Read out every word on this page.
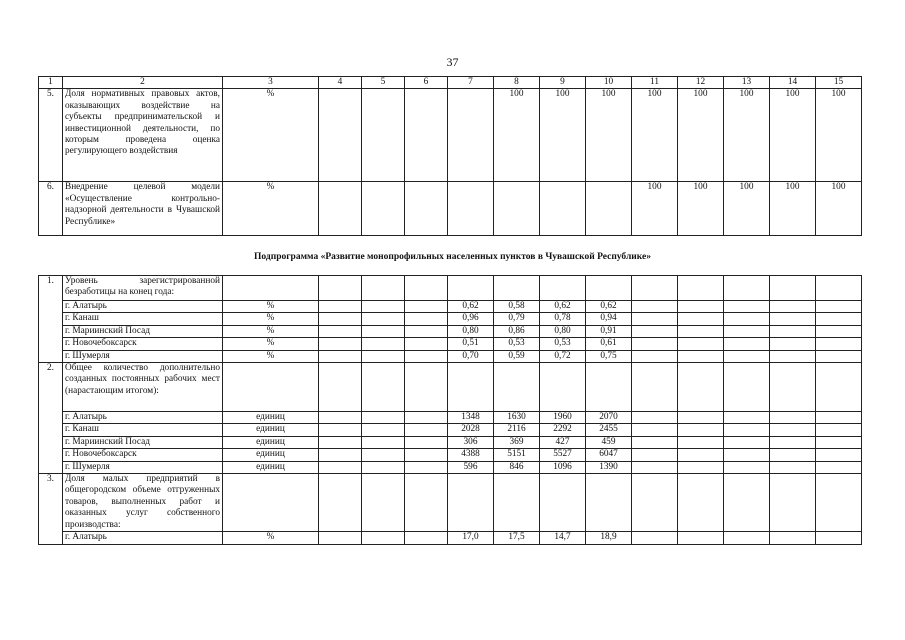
37
1	2	3	4	5	6	7	8	9	10	11	12	13	14	15
5.	Доля нормативных правовых актов, оказывающих воздействие на субъекты предпринимательской и инвестиционной деятельности, по которым проведена оценка регулирующего воздействия	%					100	100	100	100	100	100	100	100
6.	Внедрение целевой модели «Осуществление контрольно-надзорной деятельности в Чувашской Республике»	%								100	100	100	100	100
Подпрограмма «Развитие монопрофильных населенных пунктов в Чувашской Республике»
1.	Уровень зарегистрированной безработицы на конец года:													
	г. Алатырь	%				0,62	0,58	0,62	0,62					
	г. Канаш	%				0,96	0,79	0,78	0,94					
	г. Мариинский Посад	%				0,80	0,86	0,80	0,91					
	г. Новочебоксарск	%				0,51	0,53	0,53	0,61					
	г. Шумерля	%				0,70	0,59	0,72	0,75					
2.	Общее количество дополнительно созданных постоянных рабочих мест (нарастающим итогом):													
	г. Алатырь	единиц				1348	1630	1960	2070					
	г. Канаш	единиц				2028	2116	2292	2455					
	г. Мариинский Посад	единиц				306	369	427	459					
	г. Новочебоксарск	единиц				4388	5151	5527	6047					
	г. Шумерля	единиц				596	846	1096	1390					
3.	Доля малых предприятий в общегородском объеме отгруженных товаров, выполненных работ и оказанных услуг собственного производства:													
	г. Алатырь	%				17,0	17,5	14,7	18,9					
